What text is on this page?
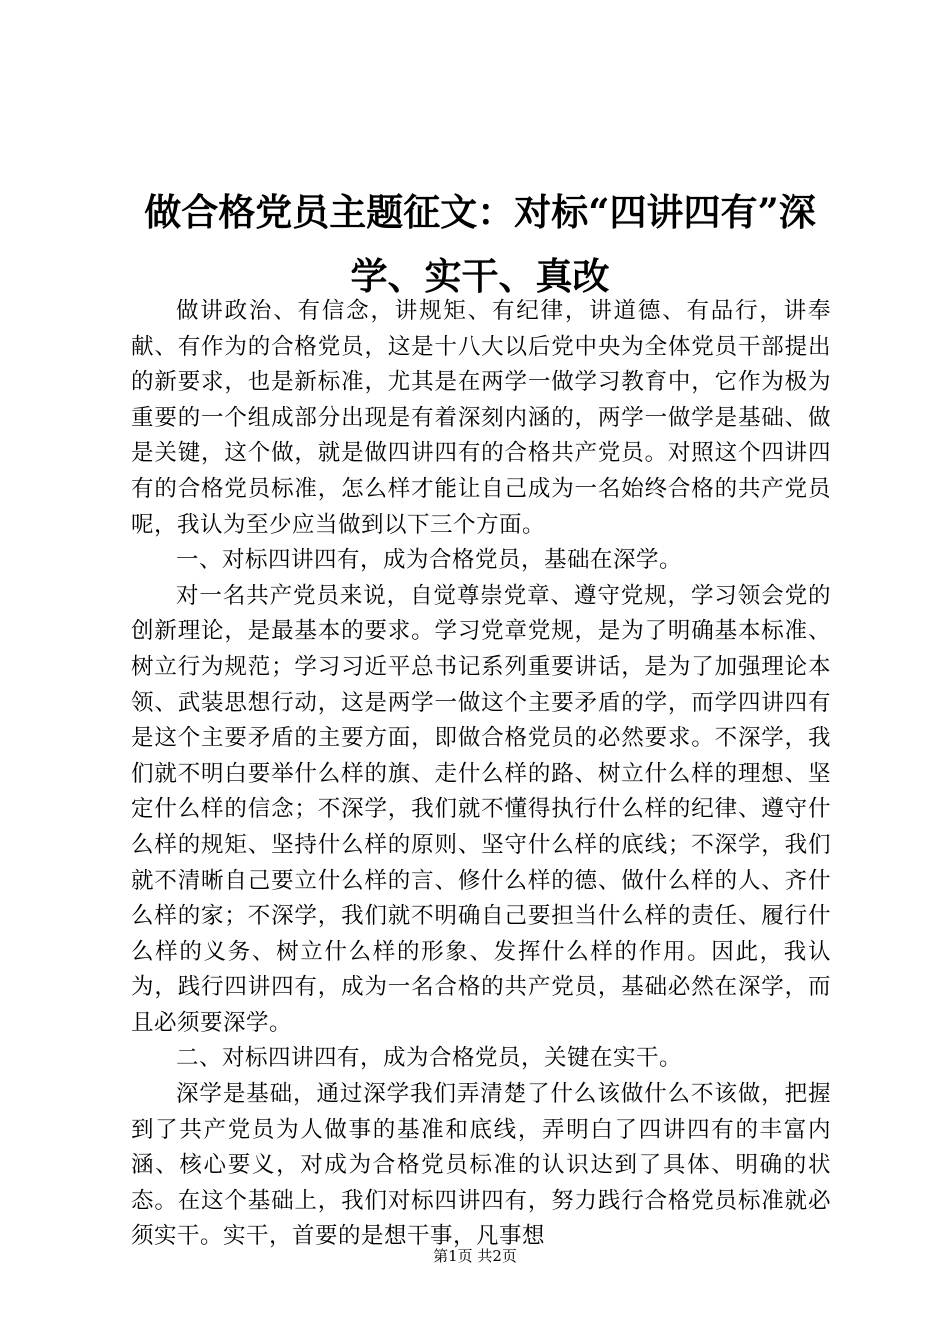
做合格党员主题征文：对标“四讲四有”深学、实干、真改

做讲政治、有信念，讲规矩、有纪律，讲道德、有品行，讲奉献、有作为的合格党员，这是十八大以后党中央为全体党员干部提出的新要求，也是新标准，尤其是在两学一做学习教育中，它作为极为重要的一个组成部分出现是有着深刻内涵的，两学一做学是基础、做是关键，这个做，就是做四讲四有的合格共产党员。对照这个四讲四有的合格党员标准，怎么样才能让自己成为一名始终合格的共产党员呢，我认为至少应当做到以下三个方面。

一、对标四讲四有，成为合格党员，基础在深学。

对一名共产党员来说，自觉尊崇党章、遵守党规，学习领会党的创新理论，是最基本的要求。学习党章党规，是为了明确基本标准、树立行为规范；学习习近平总书记系列重要讲话，是为了加强理论本领、武装思想行动，这是两学一做这个主要矛盾的学，而学四讲四有是这个主要矛盾的主要方面，即做合格党员的必然要求。不深学，我们就不明白要举什么样的旗、走什么样的路、树立什么样的理想、坚定什么样的信念；不深学，我们就不懂得执行什么样的纪律、遵守什么样的规矩、坚持什么样的原则、坚守什么样的底线；不深学，我们就不清晰自己要立什么样的言、修什么样的德、做什么样的人、齐什么样的家；不深学，我们就不明确自己要担当什么样的责任、履行什么样的义务、树立什么样的形象、发挥什么样的作用。因此，我认为，践行四讲四有，成为一名合格的共产党员，基础必然在深学，而且必须要深学。

二、对标四讲四有，成为合格党员，关键在实干。

深学是基础，通过深学我们弄清楚了什么该做什么不该做，把握到了共产党员为人做事的基准和底线，弄明白了四讲四有的丰富内涵、核心要义，对成为合格党员标准的认识达到了具体、明确的状态。在这个基础上，我们对标四讲四有，努力践行合格党员标准就必须实干。实干，首要的是想干事，凡事想

第1页 共2页
